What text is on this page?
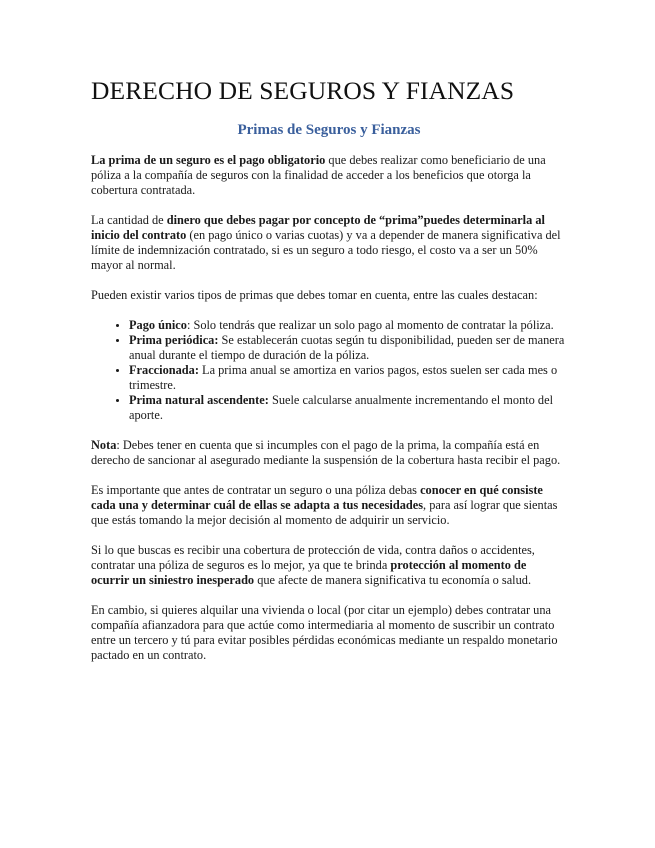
DERECHO DE SEGUROS Y FIANZAS
Primas de Seguros y Fianzas

La prima de un seguro es el pago obligatorio que debes realizar como beneficiario de una póliza a la compañía de seguros con la finalidad de acceder a los beneficios que otorga la cobertura contratada.

La cantidad de dinero que debes pagar por concepto de “prima”puedes determinarla al inicio del contrato (en pago único o varias cuotas) y va a depender de manera significativa del límite de indemnización contratado, si es un seguro a todo riesgo, el costo va a ser un 50% mayor al normal.

Pueden existir varios tipos de primas que debes tomar en cuenta, entre las cuales destacan:

• Pago único: Solo tendrás que realizar un solo pago al momento de contratar la póliza.
• Prima periódica: Se establecerán cuotas según tu disponibilidad, pueden ser de manera anual durante el tiempo de duración de la póliza.
• Fraccionada: La prima anual se amortiza en varios pagos, estos suelen ser cada mes o trimestre.
• Prima natural ascendente: Suele calcularse anualmente incrementando el monto del aporte.

Nota: Debes tener en cuenta que si incumples con el pago de la prima, la compañía está en derecho de sancionar al asegurado mediante la suspensión de la cobertura hasta recibir el pago.

Es importante que antes de contratar un seguro o una póliza debas conocer en qué consiste cada una y determinar cuál de ellas se adapta a tus necesidades, para así lograr que sientas que estás tomando la mejor decisión al momento de adquirir un servicio.

Si lo que buscas es recibir una cobertura de protección de vida, contra daños o accidentes, contratar una póliza de seguros es lo mejor, ya que te brinda protección al momento de ocurrir un siniestro inesperado que afecte de manera significativa tu economía o salud.

En cambio, si quieres alquilar una vivienda o local (por citar un ejemplo) debes contratar una compañía afianzadora para que actúe como intermediaria al momento de suscribir un contrato entre un tercero y tú para evitar posibles pérdidas económicas mediante un respaldo monetario pactado en un contrato.
